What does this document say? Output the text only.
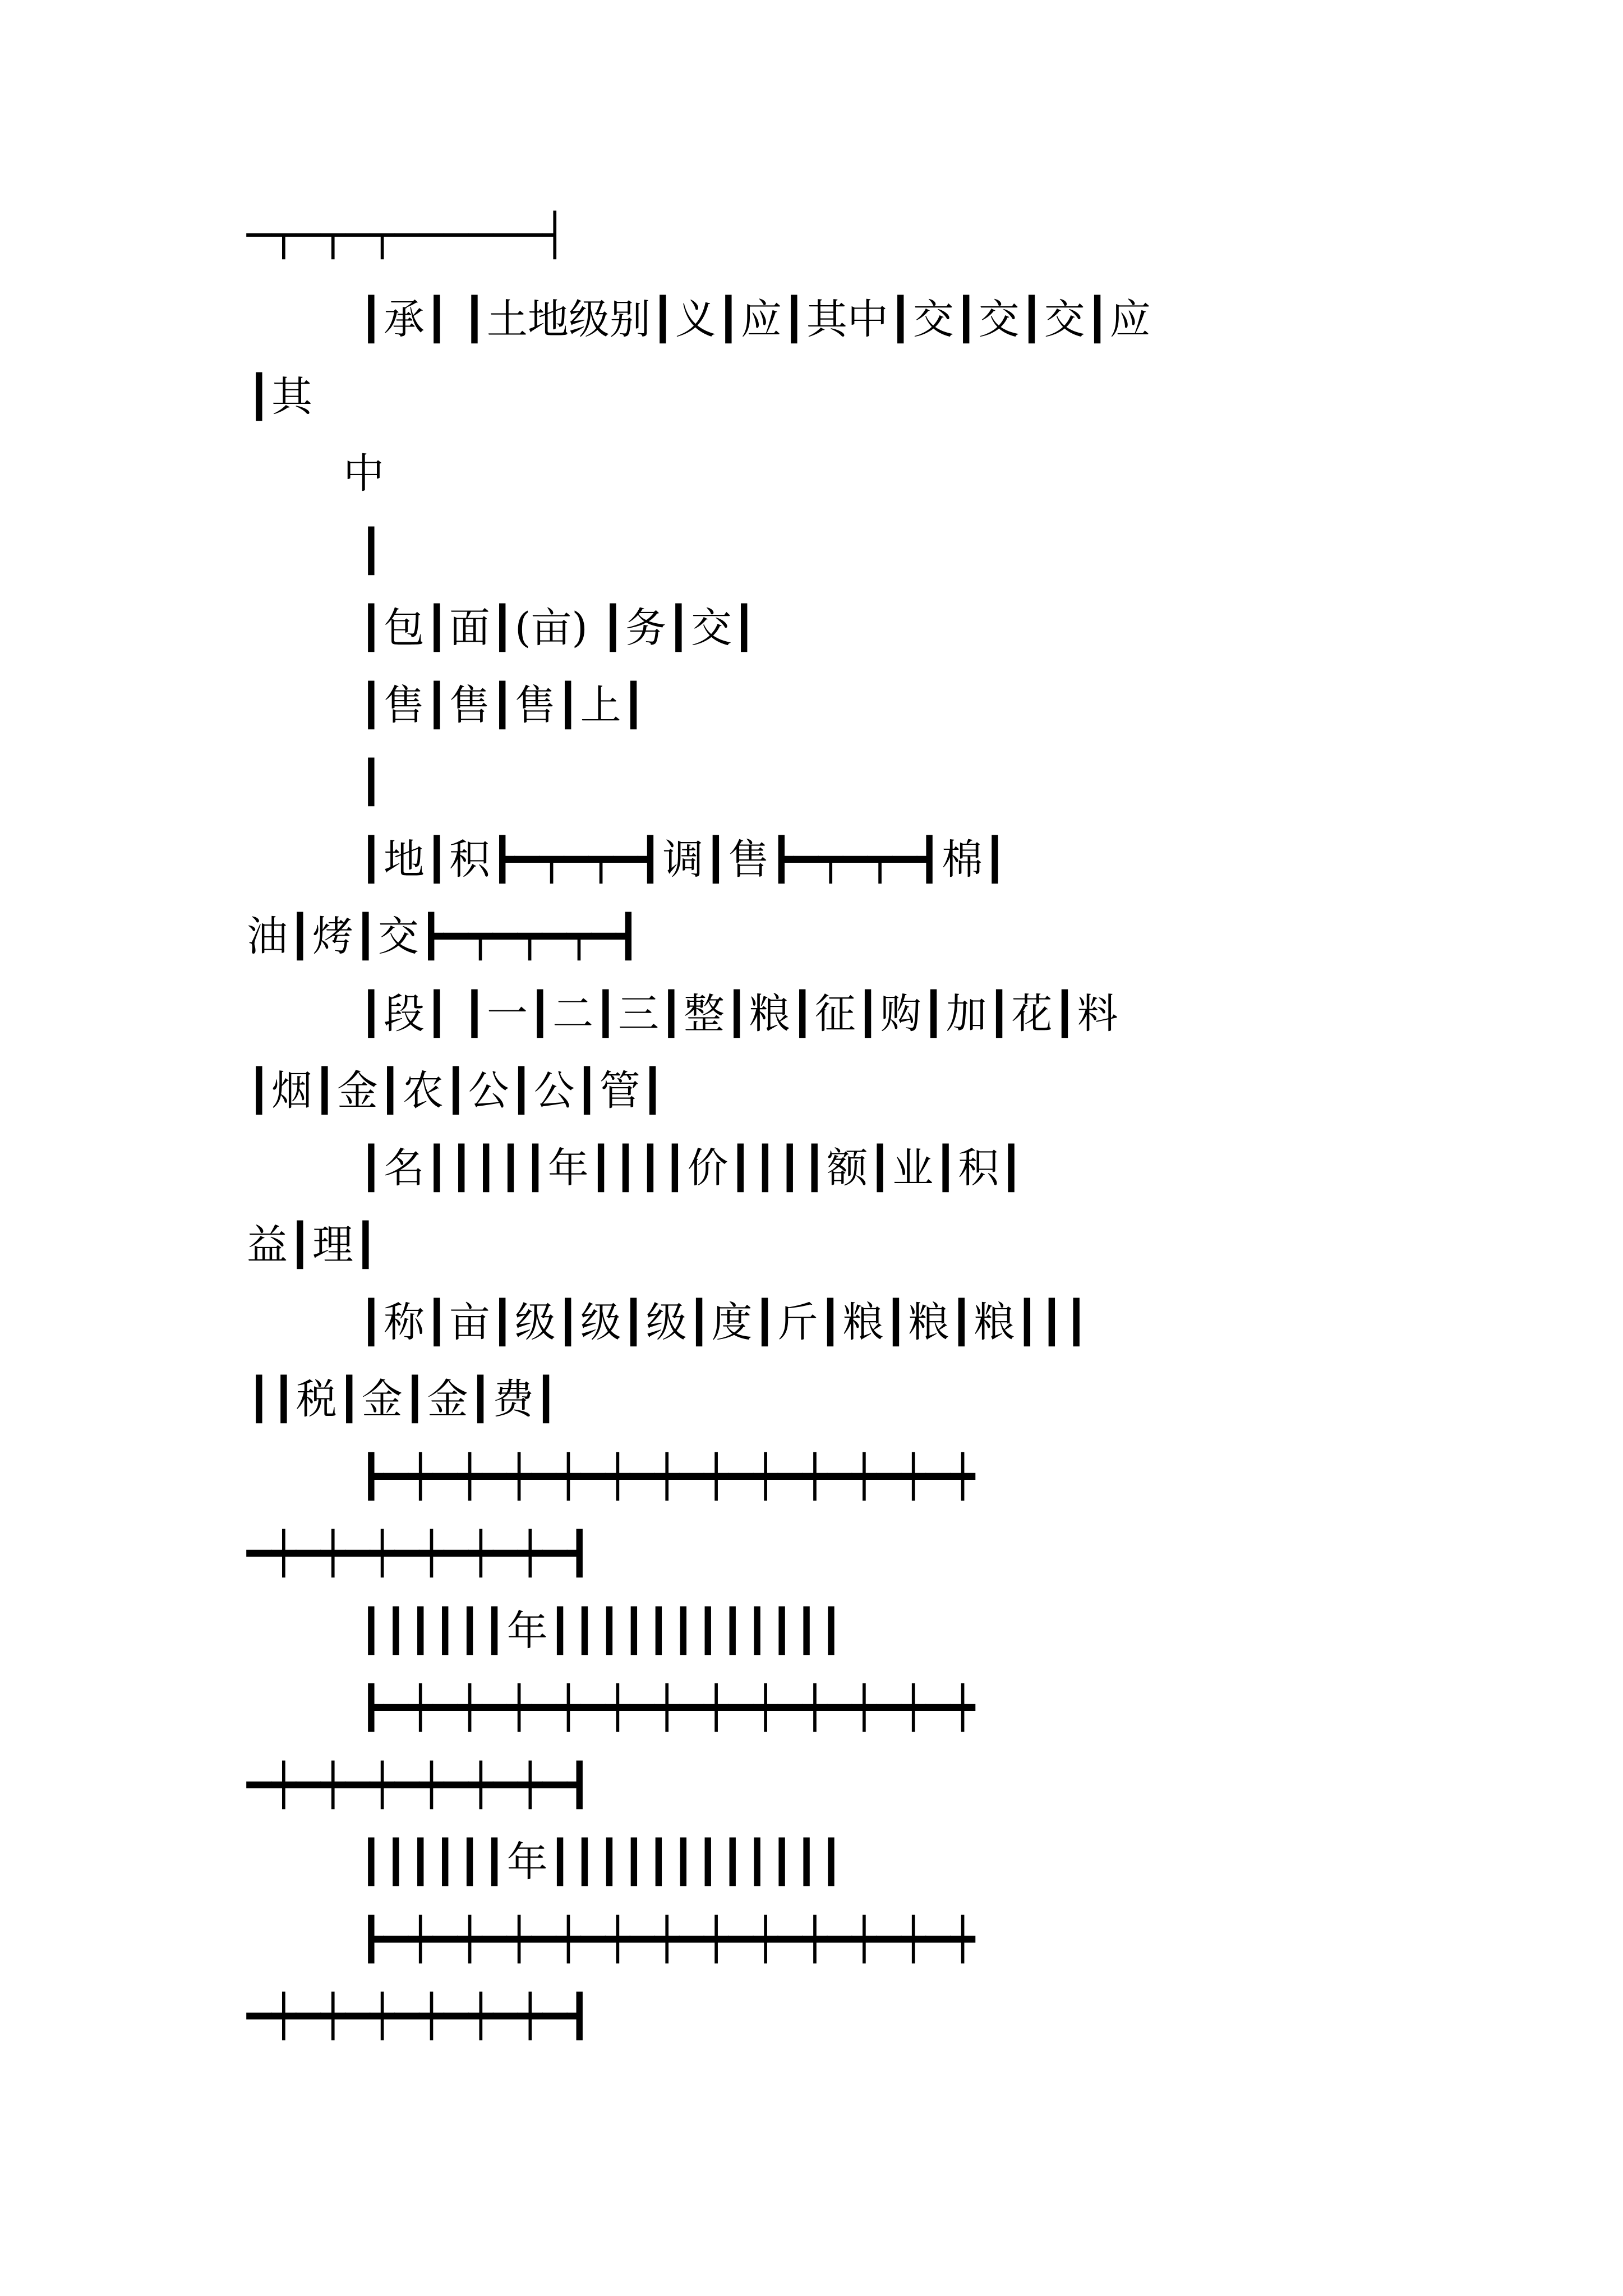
─┬─┬─┬──────┤

┃承┃ ┃土地级别┃义┃应┃其中┃交┃交┃交┃应

┃其

中

┃

┃包┃面┃(亩) ┃务┃交┃

┃售┃售┃售┃上┃

┃

┃地┃积┣━┯━┯━┫调┃售┣━┯━┯━┫棉┃

油┃烤┃交┣━┯━┯━┯━┫

┃段┃ ┃一┃二┃三┃整┃粮┃征┃购┃加┃花┃料

┃烟┃金┃农┃公┃公┃管┃

┃名┃┃┃┃┃年┃┃┃┃价┃┃┃┃额┃业┃积┃

益┃理┃

┃称┃亩┃级┃级┃级┃度┃斤┃粮┃粮┃粮┃┃┃

┃┃税┃金┃金┃费┃

┣━┿━┿━┿━┿━┿━┿━┿━┿━┿━┿━┿━┿

━┿━┿━┿━┿━┿━┿━┫

┃┃┃┃┃┃年┃┃┃┃┃┃┃┃┃┃┃┃

┣━┿━┿━┿━┿━┿━┿━┿━┿━┿━┿━┿━┿

━┿━┿━┿━┿━┿━┿━┫

┃┃┃┃┃┃年┃┃┃┃┃┃┃┃┃┃┃┃

┣━┿━┿━┿━┿━┿━┿━┿━┿━┿━┿━┿━┿

━┿━┿━┿━┿━┿━┿━┫
